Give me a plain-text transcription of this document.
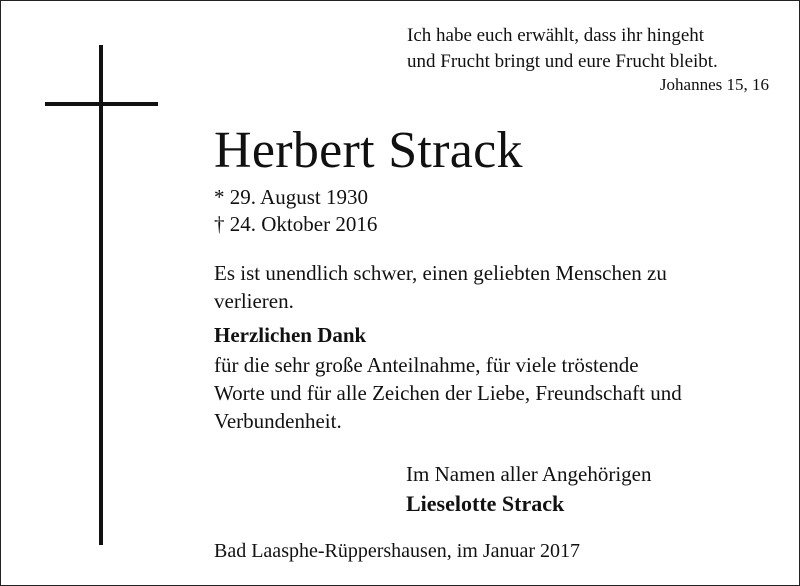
Ich habe euch erwählt, dass ihr hingeht
und Frucht bringt und eure Frucht bleibt.
Johannes 15, 16
Herbert Strack
* 29. August 1930
† 24. Oktober 2016
Es ist unendlich schwer, einen geliebten Menschen zu
verlieren.
Herzlichen Dank
für die sehr große Anteilnahme, für viele tröstende
Worte und für alle Zeichen der Liebe, Freundschaft und
Verbundenheit.
Im Namen aller Angehörigen
Lieselotte Strack
Bad Laasphe-Rüppershausen, im Januar 2017
